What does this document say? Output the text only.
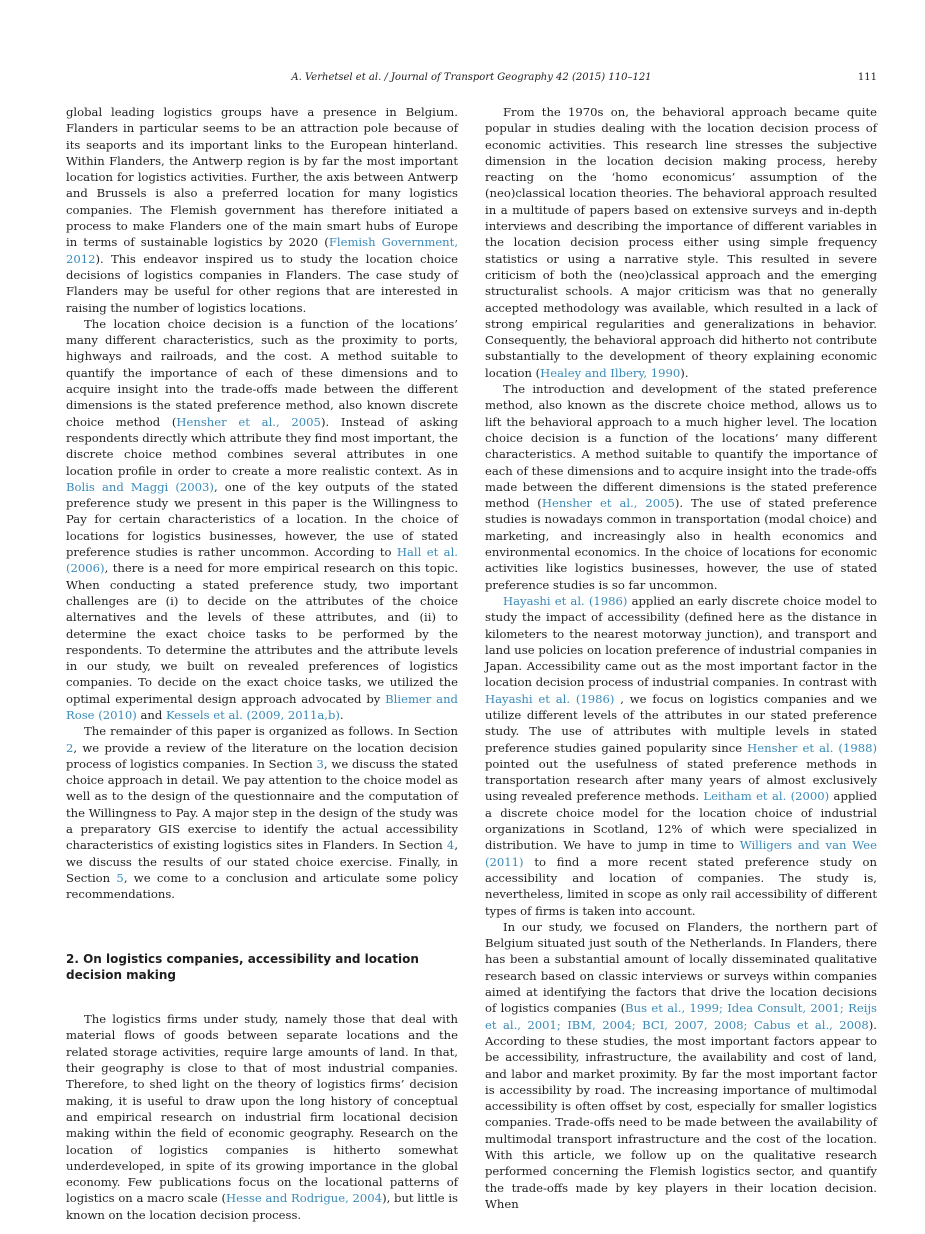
A. Verhetsel et al. / Journal of Transport Geography 42 (2015) 110–121	111

global leading logistics groups have a presence in Belgium. Flanders in particular seems to be an attraction pole because of its seaports and its important links to the European hinterland. Within Flanders, the Antwerp region is by far the most important location for logistics activities. Further, the axis between Antwerp and Brussels is also a preferred location for many logistics companies. The Flemish government has therefore initiated a process to make Flanders one of the main smart hubs of Europe in terms of sustainable logistics by 2020 (Flemish Government, 2012). This endeavor inspired us to study the location choice decisions of logistics companies in Flanders. The case study of Flanders may be useful for other regions that are interested in raising the number of logistics locations.

The location choice decision is a function of the locations’ many different characteristics, such as the proximity to ports, highways and railroads, and the cost. A method suitable to quantify the importance of each of these dimensions and to acquire insight into the trade-offs made between the different dimensions is the stated preference method, also known discrete choice method (Hensher et al., 2005). Instead of asking respondents directly which attribute they find most important, the discrete choice method combines several attributes in one location profile in order to create a more realistic context. As in Bolis and Maggi (2003), one of the key outputs of the stated preference study we present in this paper is the Willingness to Pay for certain characteristics of a location. In the choice of locations for logistics businesses, however, the use of stated preference studies is rather uncommon. According to Hall et al. (2006), there is a need for more empirical research on this topic. When conducting a stated preference study, two important challenges are (i) to decide on the attributes of the choice alternatives and the levels of these attributes, and (ii) to determine the exact choice tasks to be performed by the respondents. To determine the attributes and the attribute levels in our study, we built on revealed preferences of logistics companies. To decide on the exact choice tasks, we utilized the optimal experimental design approach advocated by Bliemer and Rose (2010) and Kessels et al. (2009, 2011a,b).

The remainder of this paper is organized as follows. In Section 2, we provide a review of the literature on the location decision process of logistics companies. In Section 3, we discuss the stated choice approach in detail. We pay attention to the choice model as well as to the design of the questionnaire and the computation of the Willingness to Pay. A major step in the design of the study was a preparatory GIS exercise to identify the actual accessibility characteristics of existing logistics sites in Flanders. In Section 4, we discuss the results of our stated choice exercise. Finally, in Section 5, we come to a conclusion and articulate some policy recommendations.

2. On logistics companies, accessibility and location decision making

The logistics firms under study, namely those that deal with material flows of goods between separate locations and the related storage activities, require large amounts of land. In that, their geography is close to that of most industrial companies. Therefore, to shed light on the theory of logistics firms’ decision making, it is useful to draw upon the long history of conceptual and empirical research on industrial firm locational decision making within the field of economic geography. Research on the location of logistics companies is hitherto somewhat underdeveloped, in spite of its growing importance in the global economy. Few publications focus on the locational patterns of logistics on a macro scale (Hesse and Rodrigue, 2004), but little is known on the location decision process.

From the 1970s on, the behavioral approach became quite popular in studies dealing with the location decision process of economic activities. This research line stresses the subjective dimension in the location decision making process, hereby reacting on the ‘homo economicus’ assumption of the (neo)classical location theories. The behavioral approach resulted in a multitude of papers based on extensive surveys and in-depth interviews and describing the importance of different variables in the location decision process either using simple frequency statistics or using a narrative style. This resulted in severe criticism of both the (neo)classical approach and the emerging structuralist schools. A major criticism was that no generally accepted methodology was available, which resulted in a lack of strong empirical regularities and generalizations in behavior. Consequently, the behavioral approach did hitherto not contribute substantially to the development of theory explaining economic location (Healey and Ilbery, 1990).

The introduction and development of the stated preference method, also known as the discrete choice method, allows us to lift the behavioral approach to a much higher level. The location choice decision is a function of the locations’ many different characteristics. A method suitable to quantify the importance of each of these dimensions and to acquire insight into the trade-offs made between the different dimensions is the stated preference method (Hensher et al., 2005). The use of stated preference studies is nowadays common in transportation (modal choice) and marketing, and increasingly also in health economics and environmental economics. In the choice of locations for economic activities like logistics businesses, however, the use of stated preference studies is so far uncommon.

Hayashi et al. (1986) applied an early discrete choice model to study the impact of accessibility (defined here as the distance in kilometers to the nearest motorway junction), and transport and land use policies on location preference of industrial companies in Japan. Accessibility came out as the most important factor in the location decision process of industrial companies. In contrast with Hayashi et al. (1986) , we focus on logistics companies and we utilize different levels of the attributes in our stated preference study. The use of attributes with multiple levels in stated preference studies gained popularity since Hensher et al. (1988) pointed out the usefulness of stated preference methods in transportation research after many years of almost exclusively using revealed preference methods. Leitham et al. (2000) applied a discrete choice model for the location choice of industrial organizations in Scotland, 12% of which were specialized in distribution. We have to jump in time to Willigers and van Wee (2011) to find a more recent stated preference study on accessibility and location of companies. The study is, nevertheless, limited in scope as only rail accessibility of different types of firms is taken into account.

In our study, we focused on Flanders, the northern part of Belgium situated just south of the Netherlands. In Flanders, there has been a substantial amount of locally disseminated qualitative research based on classic interviews or surveys within companies aimed at identifying the factors that drive the location decisions of logistics companies (Bus et al., 1999; Idea Consult, 2001; Reijs et al., 2001; IBM, 2004; BCI, 2007, 2008; Cabus et al., 2008). According to these studies, the most important factors appear to be accessibility, infrastructure, the availability and cost of land, and labor and market proximity. By far the most important factor is accessibility by road. The increasing importance of multimodal accessibility is often offset by cost, especially for smaller logistics companies. Trade-offs need to be made between the availability of multimodal transport infrastructure and the cost of the location. With this article, we follow up on the qualitative research performed concerning the Flemish logistics sector, and quantify the trade-offs made by key players in their location decision. When
